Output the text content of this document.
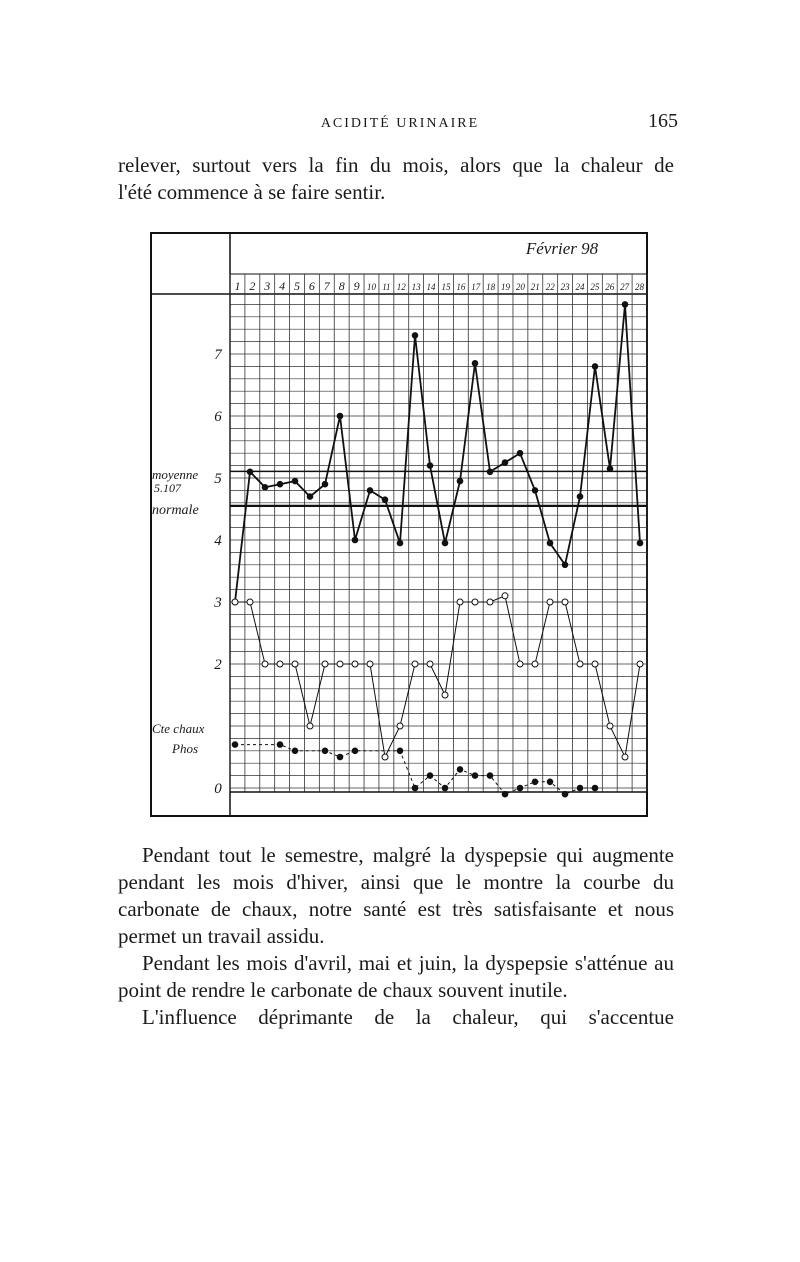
ACIDITÉ URINAIRE	165

relever, surtout vers la fin du mois, alors que la chaleur de

l'été commence à se faire sentir.

Février 98
1 2 3 4 5 6 7 8 9 10 11 12 13 14 15 16 17 18 19 20 21 22 23 24 25 26 27 28
0
2
3
4
5
6
7
moyenne
5.107
normale
Cte chaux
Phos

Pendant tout le semestre, malgré la dyspepsie qui augmente pendant les mois d'hiver, ainsi que le montre la courbe du carbonate de chaux, notre santé est très satisfaisante et nous permet un travail assidu.

Pendant les mois d'avril, mai et juin, la dyspepsie s'atténue au point de rendre le carbonate de chaux souvent inutile.

L'influence déprimante de la chaleur, qui s'accentue
